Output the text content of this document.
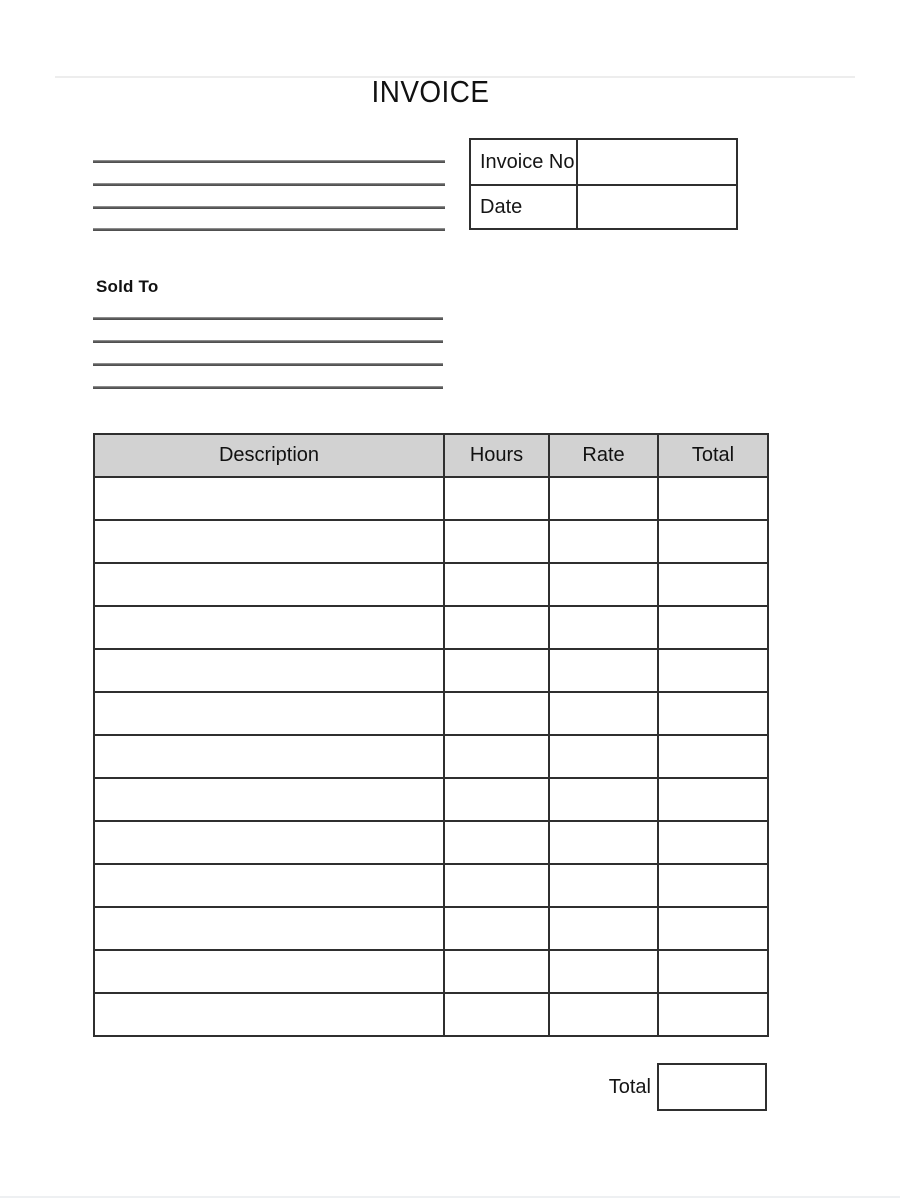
INVOICE
Invoice No
Date
Sold To
Description	Hours	Rate	Total

Total
